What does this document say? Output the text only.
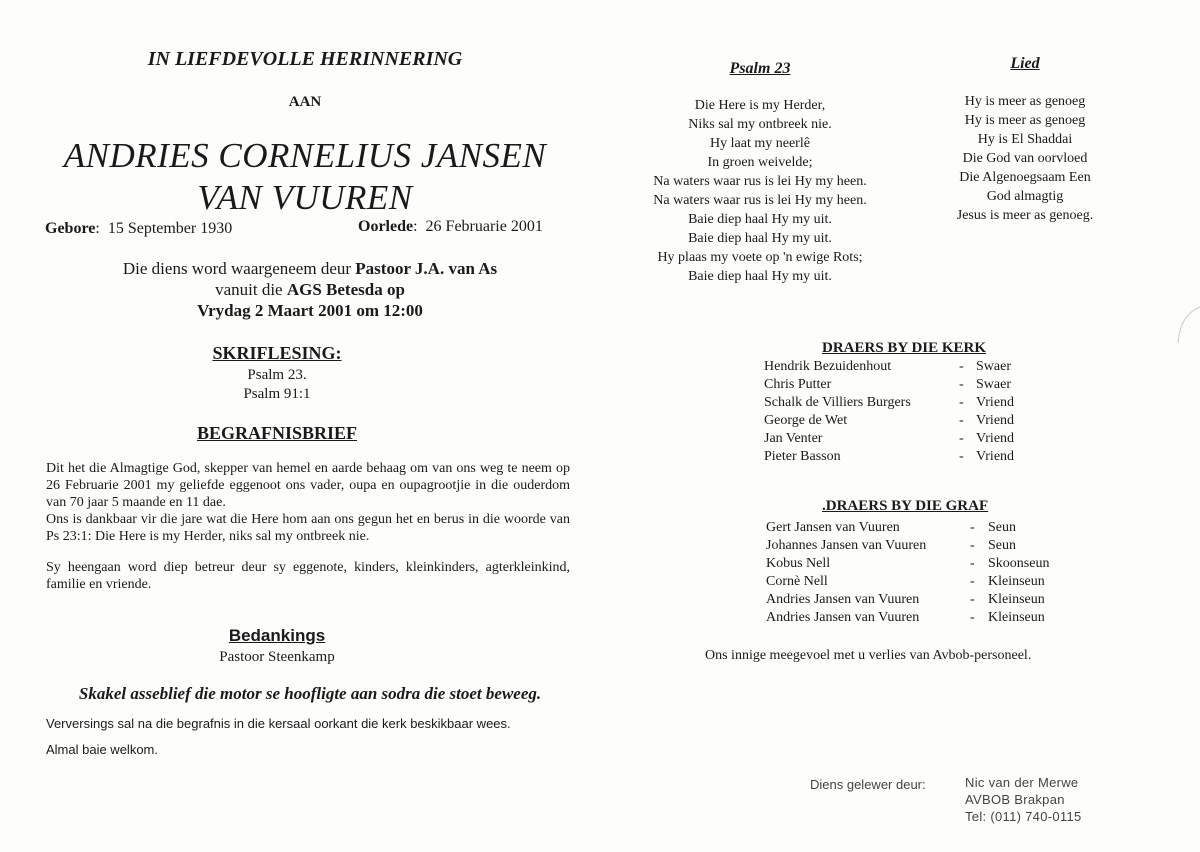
IN LIEFDEVOLLE HERINNERING
AAN
ANDRIES CORNELIUS JANSEN
VAN VUUREN
Gebore:  15 September 1930	Oorlede:  26 Februarie 2001
Die diens word waargeneem deur Pastoor J.A. van As
vanuit die AGS Betesda op
Vrydag 2 Maart 2001 om 12:00
SKRIFLESING:
Psalm 23.
Psalm 91:1
BEGRAFNISBRIEF

Dit het die Almagtige God, skepper van hemel en aarde behaag om van ons weg te neem op 26 Februarie 2001 my geliefde eggenoot ons vader, oupa en oupagrootjie in die ouderdom van 70 jaar 5 maande en 11 dae.

Ons is dankbaar vir die jare wat die Here hom aan ons gegun het en berus in die woorde van Ps 23:1: Die Here is my Herder, niks sal my ontbreek nie.

Sy heengaan word diep betreur deur sy eggenote, kinders, kleinkinders, agterkleinkind, familie en vriende.

Bedankings
Pastoor Steenkamp
Skakel asseblief die motor se hoofligte aan sodra die stoet beweeg.
Verversings sal na die begrafnis in die kersaal oorkant die kerk beskikbaar wees.
Almal baie welkom.
Psalm 23
Die Here is my Herder,
Niks sal my ontbreek nie.
Hy laat my neerlê
In groen weivelde;
Na waters waar rus is lei Hy my heen.
Na waters waar rus is lei Hy my heen.
Baie diep haal Hy my uit.
Baie diep haal Hy my uit.
Hy plaas my voete op 'n ewige Rots;
Baie diep haal Hy my uit.
Lied
Hy is meer as genoeg
Hy is meer as genoeg
Hy is El Shaddai
Die God van oorvloed
Die Algenoegsaam Een
God almagtig
Jesus is meer as genoeg.
DRAERS BY DIE KERK
Hendrik Bezuidenhout	- Swaer
Chris Putter	- Swaer
Schalk de Villiers Burgers	- Vriend
George de Wet	- Vriend
Jan Venter	- Vriend
Pieter Basson	- Vriend
.DRAERS BY DIE GRAF
Gert Jansen van Vuuren	- Seun
Johannes Jansen van Vuuren	- Seun
Kobus Nell	- Skoonseun
Cornè Nell	- Kleinseun
Andries Jansen van Vuuren	- Kleinseun
Andries Jansen van Vuuren	- Kleinseun
Ons innige meegevoel met u verlies van Avbob-personeel.
Diens gelewer deur:	Nic van der Merwe
AVBOB Brakpan
Tel: (011) 740-0115
